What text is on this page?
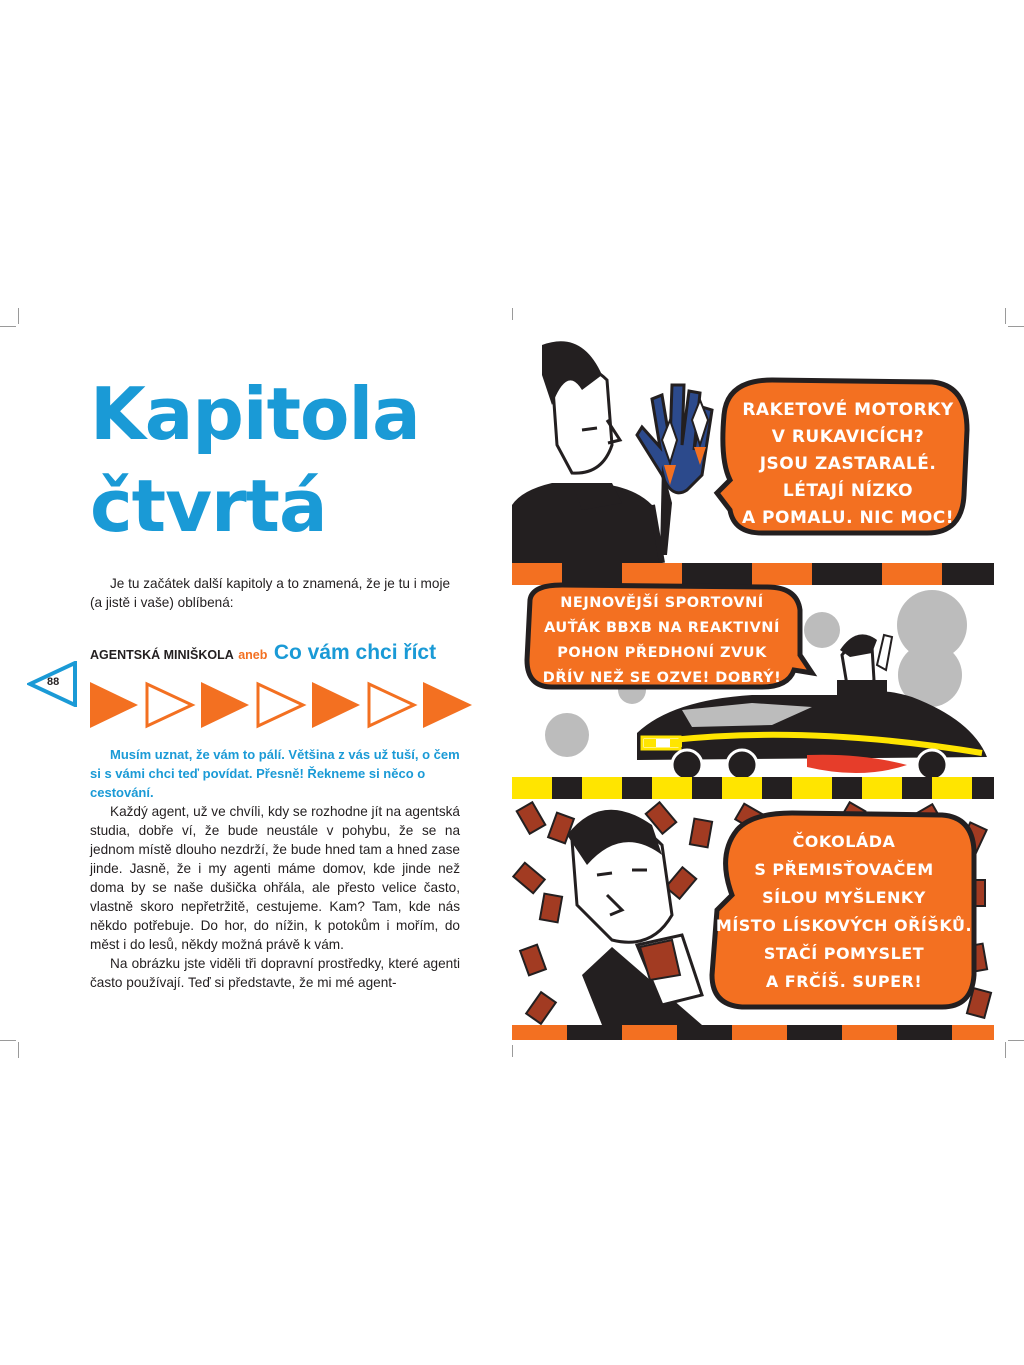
Kapitola
čtvrtá

Je tu začátek další kapitoly a to znamená, že je tu i moje (a jistě i vaše) oblíbená:

AGENTSKÁ MINIŠKOLA aneb Co vám chci říct
88

Musím uznat, že vám to pálí. Většina z vás už tuší, o čem si s vámi chci teď povídat. Přesně! Řekneme si něco o cestování.

Každý agent, už ve chvíli, kdy se rozhodne jít na agentská studia, dobře ví, že bude neustále v pohybu, že se na jednom místě dlouho nezdrží, že bude hned tam a hned zase jinde. Jasně, že i my agenti máme domov, kde jinde než doma by se naše dušička ohřála, ale přesto velice často, vlastně skoro nepřetržitě, cestujeme. Kam? Tam, kde nás někdo potřebuje. Do hor, do nížin, k potokům i mořím, do měst i do lesů, někdy možná právě k vám.

Na obrázku jste viděli tři dopravní prostředky, které agenti často používají. Teď si představte, že mi mé agent-

RAKETOVÉ MOTORKY
V RUKAVICÍCH?
JSOU ZASTARALÉ.
LÉTAJÍ NÍZKO
A POMALU. NIC MOC!
NEJNOVĚJŠÍ SPORTOVNÍ
AUŤÁK BBXB NA REAKTIVNÍ
POHON PŘEDHONÍ ZVUK
DŘÍV NEŽ SE OZVE! DOBRÝ!
ČOKOLÁDA
S PŘEMISŤOVAČEM
SÍLOU MYŠLENKY
MÍSTO LÍSKOVÝCH OŘÍŠKŮ.
STAČÍ POMYSLET
A FRČÍŠ. SUPER!
